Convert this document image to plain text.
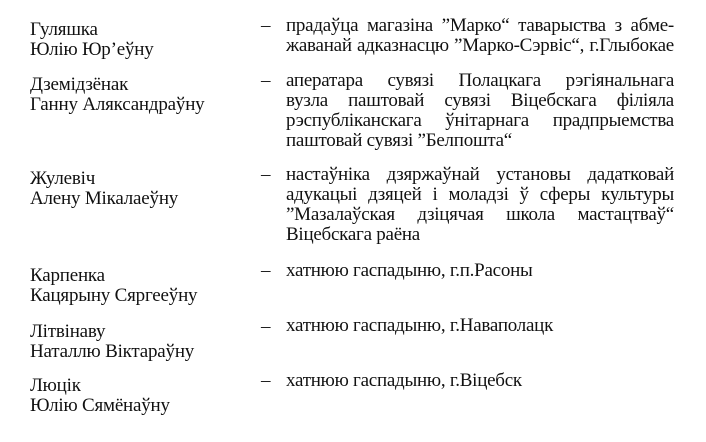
Гуляшка
Юлію Юр’еўну
– прадаўца магазіна ”Марко“ таварыства з абме-
жаванай адказнасцю ”Марко-Сэрвіс“, г.Глыбокае
Дземідзёнак
Ганну Аляксандраўну
– аператара сувязі Полацкага рэгіянальнага
вузла паштовай сувязі Віцебскага філіяла
рэспубліканскага ўнітарнага прадпрыемства
паштовай сувязі ”Белпошта“
Жулевіч
Алену Мікалаеўну
– настаўніка дзяржаўнай установы дадатковай
адукацыі дзяцей і моладзі ў сферы культуры
”Мазалаўская дзіцячая школа мастацтваў“
Віцебскага раёна
Карпенка
Кацярыну Сяргееўну
– хатнюю гаспадыню, г.п.Расоны
Літвінаву
Наталлю Віктараўну
– хатнюю гаспадыню, г.Наваполацк
Люцік
Юлію Сямёнаўну
– хатнюю гаспадыню, г.Віцебск
